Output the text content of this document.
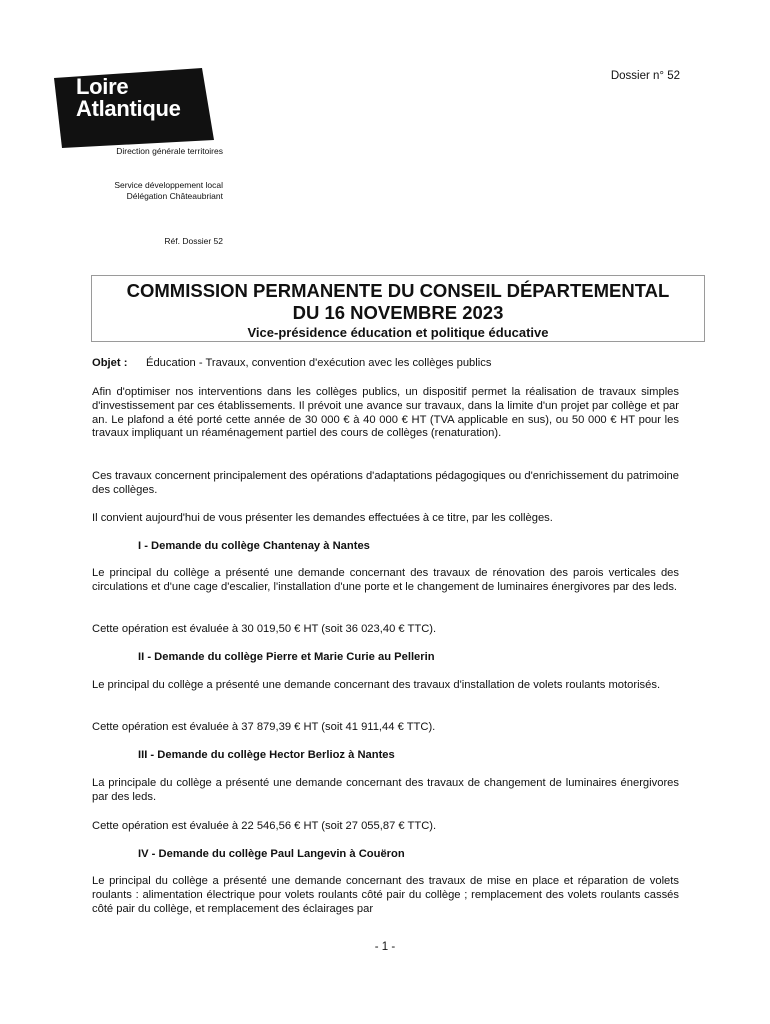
Loire
Atlantique
Dossier n° 52
Direction générale territoires
Service développement local
Délégation Châteaubriant
Réf. Dossier 52
COMMISSION PERMANENTE DU CONSEIL DÉPARTEMENTAL
DU 16 NOVEMBRE 2023
Vice-présidence éducation et politique éducative
Objet : Éducation - Travaux, convention d'exécution avec les collèges publics
Afin d'optimiser nos interventions dans les collèges publics, un dispositif permet la réalisation de travaux simples d'investissement par ces établissements. Il prévoit une avance sur travaux, dans la limite d'un projet par collège et par an. Le plafond a été porté cette année de 30 000 € à 40 000 € HT (TVA applicable en sus), ou 50 000 € HT pour les travaux impliquant un réaménagement partiel des cours de collèges (renaturation).
Ces travaux concernent principalement des opérations d'adaptations pédagogiques ou d'enrichissement du patrimoine des collèges.
Il convient aujourd'hui de vous présenter les demandes effectuées à ce titre, par les collèges.
I - Demande du collège Chantenay à Nantes
Le principal du collège a présenté une demande concernant des travaux de rénovation des parois verticales des circulations et d'une cage d'escalier, l'installation d'une porte et le changement de luminaires énergivores par des leds.
Cette opération est évaluée à 30 019,50 € HT (soit 36 023,40 € TTC).
II - Demande du collège Pierre et Marie Curie au Pellerin
Le principal du collège a présenté une demande concernant des travaux d'installation de volets roulants motorisés.
Cette opération est évaluée à 37 879,39 € HT (soit 41 911,44 € TTC).
III - Demande du collège Hector Berlioz à Nantes
La principale du collège a présenté une demande concernant des travaux de changement de luminaires énergivores par des leds.
Cette opération est évaluée à 22 546,56 € HT (soit 27 055,87 € TTC).
IV - Demande du collège Paul Langevin à Couëron
Le principal du collège a présenté une demande concernant des travaux de mise en place et réparation de volets roulants : alimentation électrique pour volets roulants côté pair du collège ; remplacement des volets roulants cassés côté pair du collège, et remplacement des éclairages par
- 1 -
